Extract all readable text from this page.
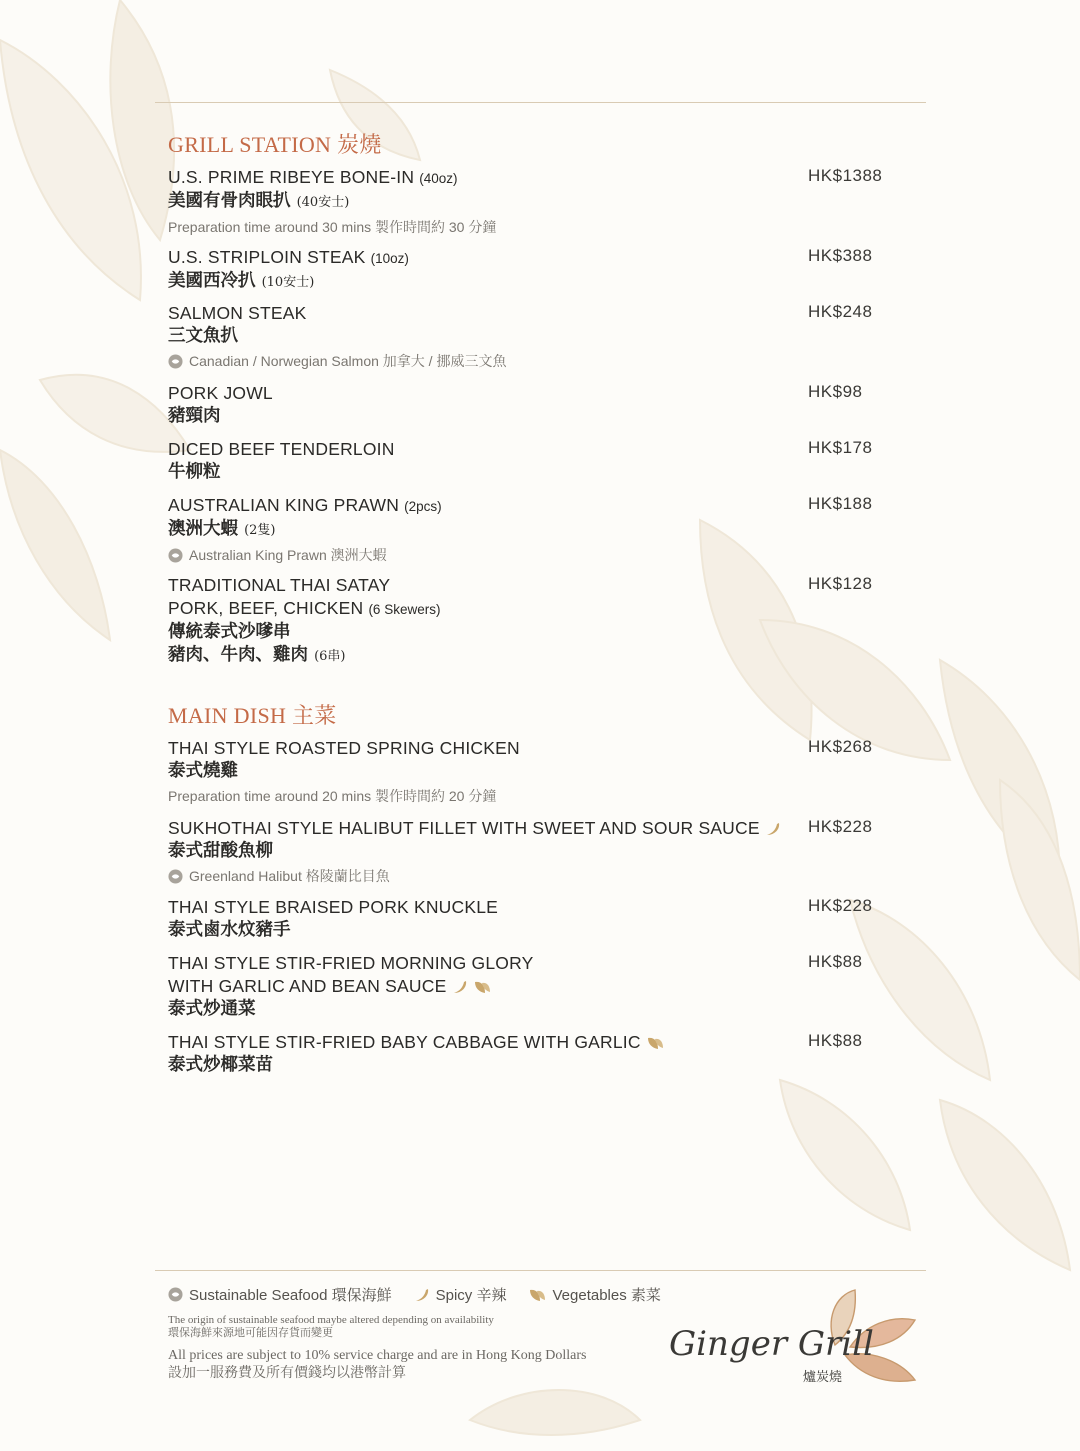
GRILL STATION 炭燒
U.S. PRIME RIBEYE BONE-IN (40oz)
美國有骨肉眼扒 (40安士)
Preparation time around 30 mins 製作時間約 30 分鐘
HK$1388
U.S. STRIPLOIN STEAK (10oz)
美國西冷扒 (10安士)
HK$388
SALMON STEAK
三文魚扒
Canadian / Norwegian Salmon 加拿大 / 挪威三文魚
HK$248
PORK JOWL
豬頸肉
HK$98
DICED BEEF TENDERLOIN
牛柳粒
HK$178
AUSTRALIAN KING PRAWN (2pcs)
澳洲大蝦 (2隻)
Australian King Prawn 澳洲大蝦
HK$188
TRADITIONAL THAI SATAY
PORK, BEEF, CHICKEN (6 Skewers)
傳統泰式沙嗲串
豬肉、牛肉、雞肉 (6串)
HK$128
MAIN DISH 主菜
THAI STYLE ROASTED SPRING CHICKEN
泰式燒雞
Preparation time around 20 mins 製作時間約 20 分鐘
HK$268
SUKHOTHAI STYLE HALIBUT FILLET WITH SWEET AND SOUR SAUCE
泰式甜酸魚柳
Greenland Halibut 格陵蘭比目魚
HK$228
THAI STYLE BRAISED PORK KNUCKLE
泰式鹵水炆豬手
HK$228
THAI STYLE STIR-FRIED MORNING GLORY
WITH GARLIC AND BEAN SAUCE
泰式炒通菜
HK$88
THAI STYLE STIR-FRIED BABY CABBAGE WITH GARLIC
泰式炒椰菜苗
HK$88
Sustainable Seafood 環保海鮮	Spicy 辛辣	Vegetables 素菜
The origin of sustainable seafood maybe altered depending on availability
環保海鮮來源地可能因存貨而變更
All prices are subject to 10% service charge and are in Hong Kong Dollars
設加一服務費及所有價錢均以港幣計算
Ginger Grill
爐炭燒
